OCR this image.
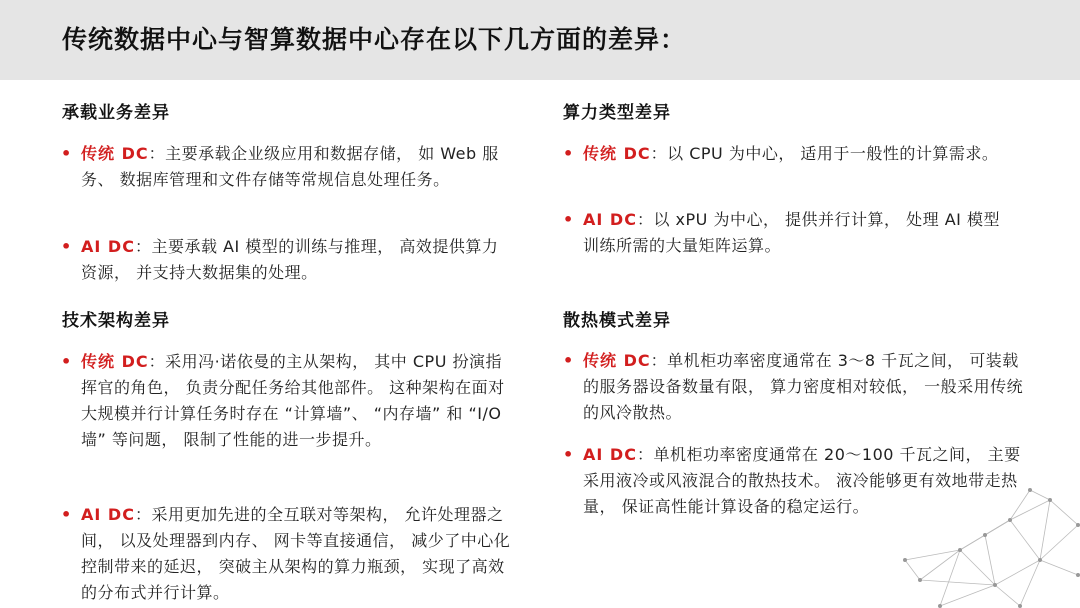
传统数据中心与智算数据中心存在以下几方面的差异：
承载业务差异
• 传统 DC：主要承载企业级应用和数据存储， 如 Web 服务、 数据库管理和文件存储等常规信息处理任务。
• AI DC：主要承载 AI 模型的训练与推理， 高效提供算力资源， 并支持大数据集的处理。
算力类型差异
• 传统 DC：以 CPU 为中心， 适用于一般性的计算需求。
• AI DC：以 xPU 为中心， 提供并行计算， 处理 AI 模型训练所需的大量矩阵运算。
技术架构差异
• 传统 DC：采用冯·诺依曼的主从架构， 其中 CPU 扮演指挥官的角色， 负责分配任务给其他部件。 这种架构在面对大规模并行计算任务时存在 “计算墙”、 “内存墙” 和 “I/O 墙” 等问题， 限制了性能的进一步提升。
• AI DC：采用更加先进的全互联对等架构， 允许处理器之间， 以及处理器到内存、 网卡等直接通信， 减少了中心化控制带来的延迟， 突破主从架构的算力瓶颈， 实现了高效的分布式并行计算。
散热模式差异
• 传统 DC：单机柜功率密度通常在 3～8 千瓦之间， 可装载的服务器设备数量有限， 算力密度相对较低， 一般采用传统的风冷散热。
• AI DC：单机柜功率密度通常在 20～100 千瓦之间， 主要采用液冷或风液混合的散热技术。 液冷能够更有效地带走热量， 保证高性能计算设备的稳定运行。
